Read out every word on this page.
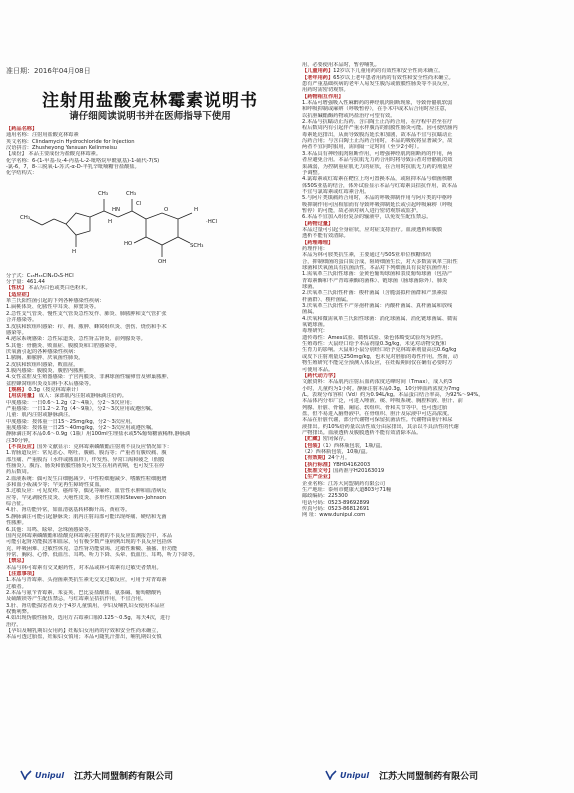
准日期：2016年04月08日
注射用盐酸克林霉素说明书
请仔细阅读说明书并在医师指导下使用
【药品名称】
通用名称：注射用盐酸克林霉素
英文名称：Clindamycin Hydrochloride for Injection
汉语拼音：Zhusheyong Yansuan Kelinmeisu
【成份】 本品主要成份为盐酸克林霉素。
化学名称：6-(1-甲基-反-4-丙基-L-2-吡咯烷甲酰氨基)-1-硫代-7(S)
-氯-6，7，8-三脱氧-L-苏式-α-D-半乳辛吡喃糖苷盐酸盐。
化学结构式：
CH₃	CH₃
CH₃
Cl
H
HN	O
HO
OH
SCH₃
·HCl
H
H
分子式：C₁₈H₃₃ClN₂O₅S·HCl
分子量：461.44
【性状】 本品为白色或类白色粉末。
【适应症】
革兰氏阳性菌引起的下列各种感染性疾病：
1.扁桃体炎、化脓性中耳炎、鼻窦炎等。
2.急性支气管炎、慢性支气管炎急性发作、肺炎、肺脓肿和支气管扩张
合并感染等。
3.皮肤和软组织感染：疖、痈、脓肿、蜂窝组织炎、创伤、烧伤和手术
感染等。
4.泌尿系统感染：急性尿道炎、急性肾盂肾炎、前列腺炎等。
5.其他：骨髓炎、败血症、腹膜炎和口腔感染等。
厌氧菌引起的各种感染性疾病：
1.脓胸、肺脓肿、厌氧菌性肺炎。
2.皮肤和软组织感染、败血症。
3.腹内感染：腹膜炎、腹腔内脓肿。
4.女性盆腔及生殖器感染：子宫内膜炎、非淋球菌性输卵管及卵巢脓肿、
盆腔蜂窝组织炎及妇科手术后感染等。
【规格】 0.3g（按克林霉素计）
【用法用量】 成人：深部肌内注射或静脉滴注给药。
中度感染：一日0.6～1.2g（2～4瓶），分2～3次应用；
严重感染：一日1.2～2.7g（4～9瓶），分2～3次应用或遵医嘱。
儿童：肌内注射或静脉滴注。
中度感染：按体重一日15～25mg/kg，分2～3次应用。
重度感染：按体重一日25～40mg/kg，分2～3次应用或遵医嘱。
静脉滴注时本品0.6～0.9g（1瓶）用100ml生理盐水或5%葡萄糖液稀释,静脉滴
注30分钟。
【不良反应】国外文献显示：克林霉素磷酸酯注射剂不良反应情况如下：
1.胃肠道反应：常见恶心、呕吐、腹痛、腹泻等；严重者有腹绞痛、腹
部压痛、严重腹泻（水样或脓血样），伴发热、异常口渴和疲乏（假膜
性肠炎）。腹泻、肠炎和假膜性肠炎可发生在用药初期，也可发生在停
药后数周。
2.血液系统：偶可发生白细胞减少、中性粒细胞减少、嗜酸性粒细胞增
多和血小板减少等；罕见再生障碍性贫血。
3.过敏反应：可见皮疹、瘙痒等，偶见荨麻疹、血管性水肿和血清病反
应等，罕见剥脱性皮炎、大疱性皮炎、多形性红斑和Steven-Johnson
综合征。
4.肝、肾功能异常，如血清氨基转移酶升高、黄疸等。
5.静脉滴注可能引起静脉炎；肌内注射局部可能出现疼痛、硬结和无菌
性脓肿。
6.其他：耳鸣、眩晕、念珠菌感染等。
国内克林霉素磷酸酯和盐酸克林霉素注射剂的不良反应监测报告中，本品
可能引起肾功能损害和血尿，另有极少数严重病例出现的不良反应包括休
克、呼吸困难、过敏性休克、急性肾功能衰竭、过敏性紫癜、抽搐、肝功能
异常、胸闷、心悸、低血压、耳鸣、听力下降、头晕、低血压、耳鸣，听力下降等。
【禁忌】
本品与林可霉素有交叉耐药性，对本品或林可霉素有过敏史者禁用。
【注意事项】
1.本品与青霉素、头孢菌素类抗生素无交叉过敏反应，可用于对青霉素
过敏者。
2.本品与氨苄青霉素、苯妥英、巴比妥盐酸盐、氨茶碱、葡萄糖酸钙
及硫酸镁等产生配伍禁忌，与红霉素呈拮抗作用，不宜合用。
3.肝、肾功能损害者及小于4岁儿童慎用，孕妇及哺乳妇女使用本品应
权衡利弊。
4.如出现伪膜性肠炎，选用万古霉素口服0.125～0.5g，每天4次，进行
治疗。
【孕妇及哺乳期妇女用药】妊娠妇女用药的疗效和安全性尚未确立，
本品可透过胎盘，妊娠妇女慎用；本品可随乳汁排出，哺乳期妇女慎
用，必要使用本品时，暂停哺乳。
【儿童用药】12岁以下儿童用药的有效性和安全性尚未确立。
【老年用药】65岁以上老年患者用药的有效性和安全性尚未确立。
患有严重基础疾病的老年人易发生腹泻或假膜性肠炎等不良反应，
用药时需密切观察。
【药物相互作用】
1.本品可增强吸入性麻醉药的神经肌肉阻断现象，导致骨骼肌软弱
和呼吸抑制或麻痹（呼吸暂停），在手术中或术后合用时应注意，
以抗胆碱酯酶药物或钙盐治疗可望有效。
2.本品与抗蠕动止泻药、含白陶土止泻药合用，在疗程中甚至在疗
程后数周内有引起伴严重水样腹泻的假膜性肠炎可能。因可使结肠内
毒素延迟排出，从而导致腹泻延长和加剧，故本品不宜与抗蠕动止
泻药合用；与含白陶土止泻药合用时，本品的吸收将显著减少，故
两者不宜同时服用，需间隔一定时间（至少2小时）。
3.本品具有神经肌肉阻断作用，可增强神经肌肉阻断药的作用，两
者应避免合用。本品与抗肌无力药合用时将导致后者对骨骼肌的效
果减弱，为控制重症肌无力的症状，在合用时抗肌无力药的剂量应
予调整。
4.氯霉素或红霉素在靶位上均可置换本品，或阻抑本品与细菌核糖
体50S亚基的结合，体外试验显示本品与红霉素具拮抗作用，故本品
不宜与氯霉素或红霉素合用。
5.与阿片类镇痛药合用时，本品的呼吸抑制作用与阿片类的中枢呼
吸抑制作用可因相加而有导致呼吸抑制延长或引起呼吸麻痹（呼吸
暂停）的可能，故必须对病人进行密切观察或监护。
6.本品不宜加入组份复杂的输液中，以免发生配伍禁忌。
【药物过量】
本品过量可引起全身症状，应对症支持治疗。血液透析和腹膜
透析不能有效清除。
【药理毒理】
药理作用：
本品为林可胺类抗生素，主要通过与50S亚单位核糖体结
合，抑制细菌的蛋白质合成，阻碍细菌生长，对大多数需氧革兰阳性
球菌和厌氧菌具有抗菌活性。本品对下列细菌具有良好抗菌作用：
1.需氧革兰氏阳性球菌：金黄色葡萄球菌和表皮葡萄球菌（包括产
青霉素酶和不产青霉素酶的菌株）、链球菌（肠球菌除外）、肺炎
球菌。
2.厌氧革兰氏阳性杆菌：梭杆菌属（含脆弱拟杆菌群和产黑素拟
杆菌群）、梭杆菌属。
3.厌氧革兰氏阳性不产芽孢杆菌属：丙酸杆菌属、真杆菌属和放线
菌属。
4.厌氧和微需氧革兰氏阳性球菌：消化球菌属、消化链球菌属、微需
氧链球菌。
毒理研究：
遗传毒性：Ames试验、微核试验、染色体畸变试验均为阴性。
生殖毒性：大鼠经口给予本品剂量0.3g/kg，未见对动物交配和
生育力的影响。大鼠和小鼠分别经口给予克林霉素剂量高达0.6g/kg
或皮下注射剂量达250mg/kg，也未见对胚胎的毒性作用。然而，动
物生殖研究不能完全预测人体反应，在妊娠期间仅在确有必要时方
可使用本品。
【药代动力学】
文献资料：本品肌内注射后血药浓度达峰时间（Tmax），成人约3
小时，儿童约为1小时。静脉注射本品0.3g，10分钟血药浓度为7mg
/L。表观分布容积（Vd）约为0.94L/kg。本品蛋白结合率高，为92%～94%。
本品体内分布广泛，可进入唾液、痰、呼吸系统、胸腔积液、胆汁、前
列腺、肝脏、骨骼、阑尾、软组织、骨和关节等中，也可透过胎
盘，但不易进入脑脊液中。在骨组织、胆汁及尿液中可达高浓度。
本品在肝脏代谢，部分代谢物可保留抗菌活性。代谢物由胆汁和尿
液排出。约10%给药量以活性成分由尿排出，其余以不具活性的代谢
产物排出。血液透析及腹膜透析不能有效清除本品。
【贮藏】密闭保存。
【包装】（1）西林瓶包装，1瓶/盒。
（2）西林瓶包装，10瓶/盒。
【有效期】24个月。
【执行标准】YBH04162003
【批准文号】国药准字H20163019
【生产企业】
企业名称：江苏大同盟制药有限公司
生产地址：泰州市健康大道803号71幢
邮政编码：225300
电话号码：0523-89692899
传真号码：0523-86812691
网 址：www.dunipul.com
Unipul 江苏大同盟制药有限公司	Unipul 江苏大同盟制药有限公司
